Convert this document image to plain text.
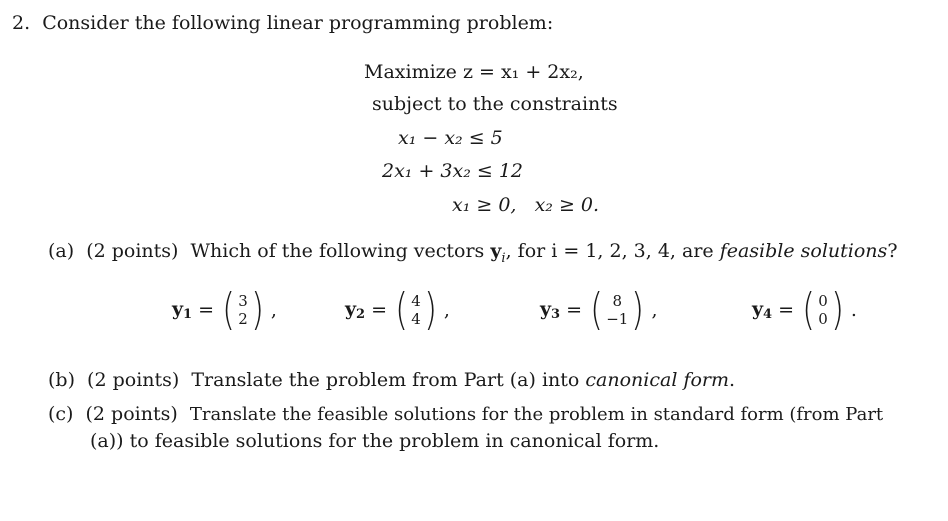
2. Consider the following linear programming problem:
Maximize z = x₁ + 2x₂,
subject to the constraints
x₁ − x₂ ≤ 5
2x₁ + 3x₂ ≤ 12
x₁ ≥ 0,   x₂ ≥ 0.
(a) (2 points) Which of the following vectors $y_i$, for i = 1, 2, 3, 4, are feasible solutions?
$y_1$ = ( 3
2 ) ,	$y_2$ = ( 4
4 ) ,	$y_3$ = ( 8
−1 ) ,	$y_4$ = ( 0
0 ) .
(b) (2 points) Translate the problem from Part (a) into canonical form.
(c) (2 points) Translate the feasible solutions for the problem in standard form (from Part
(a)) to feasible solutions for the problem in canonical form.
